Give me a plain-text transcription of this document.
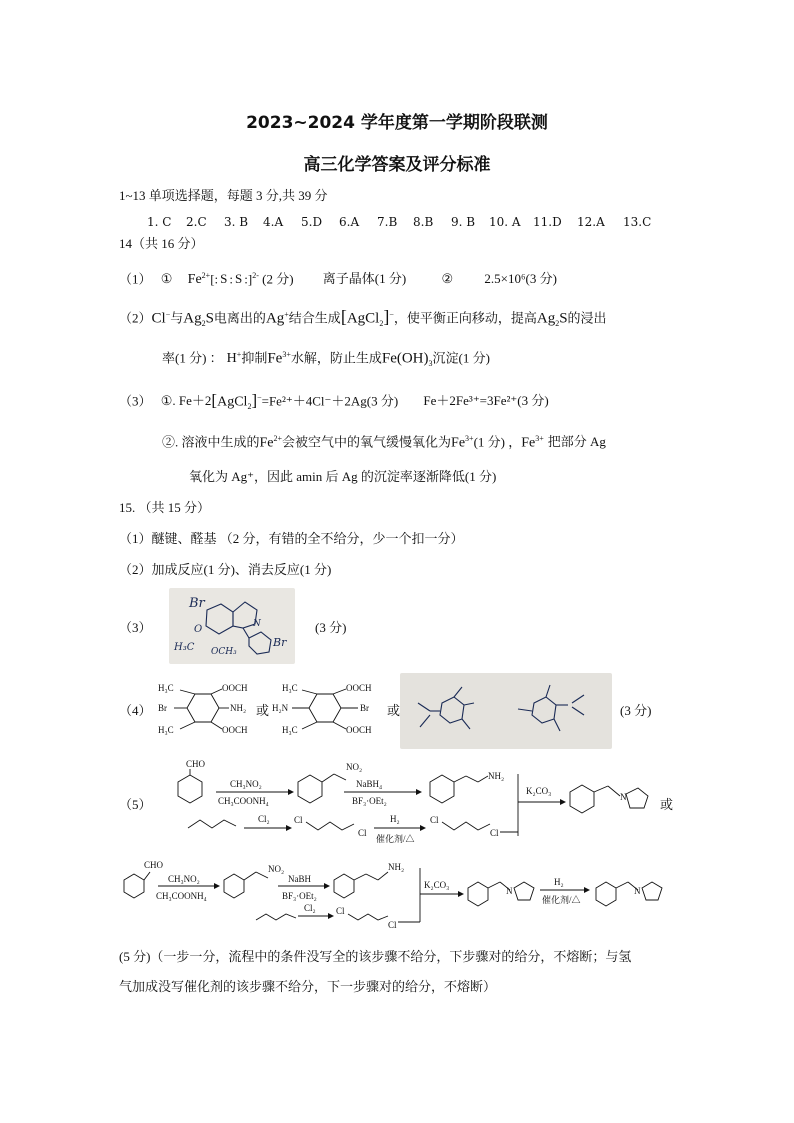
2023~2024 学年度第一学期阶段联测
高三化学答案及评分标准
1~13 单项选择题，每题 3 分,共 39 分
1. C 2.C 3. B 4.A 5.D 6.A 7.B 8.B 9. B 10. A 11.D 12.A 13.C
14（共 16 分）
（1） ① $Fe^{2+}$[: S : S :]$^{2-}$ (2 分) 离子晶体(1 分)	② 2.5×10⁶(3 分)
（2）Cl−与$Ag_2S$电离出的Ag+结合生成[AgCl$_2$]−，使平衡正向移动，提高$Ag_2S$的浸出
率(1 分) ： H+抑制$Fe^{3+}$水解，防止生成$Fe(OH)_3$沉淀(1 分)
（3） ①. Fe＋2[AgCl$_2$]−=Fe²⁺＋4Cl⁻＋2Ag(3 分) Fe＋2Fe³⁺=3Fe²⁺(3 分)
②. 溶液中生成的$Fe^{2+}$会被空气中的氧气缓慢氧化为$Fe^{3+}(1$ 分) ，$Fe^{3+}$ 把部分 Ag
氧化为 Ag⁺，因此 amin 后 Ag 的沉淀率逐渐降低(1 分)
15. （共 15 分）
（1）醚键、醛基 （2 分，有错的全不给分，少一个扣一分）
（2）加成反应(1 分)、消去反应(1 分)
（3）
Br
N
O
H₃C OCH₃
Br
(3 分)
（4）
H₃C	OOCH
Br	NH₂
H₃C	OOCH
或
H₃C	OOCH
H₂N	Br
H₃C	OOCH
或	(3 分)
（5）
CHO
CH₃NO₂
CH₃COONH₄
NO₂
NaBH₄
BF₃·OEt₂
NH₂
K₂CO₃
N
Cl₂	Cl
Cl
H₂
催化剂/△
Cl
Cl
或
CHO
CH₃NO₂
CH₃COONH₄
NO₂
NaBH
BF₃·OEt₂
NH₂
K₂CO₃
N
H₂
催化剂/△
N
Cl₂ Cl
Cl
(5 分)（一步一分，流程中的条件没写全的该步骤不给分，下步骤对的给分，不熔断；与氢
气加成没写催化剂的该步骤不给分，下一步骤对的给分，不熔断）
